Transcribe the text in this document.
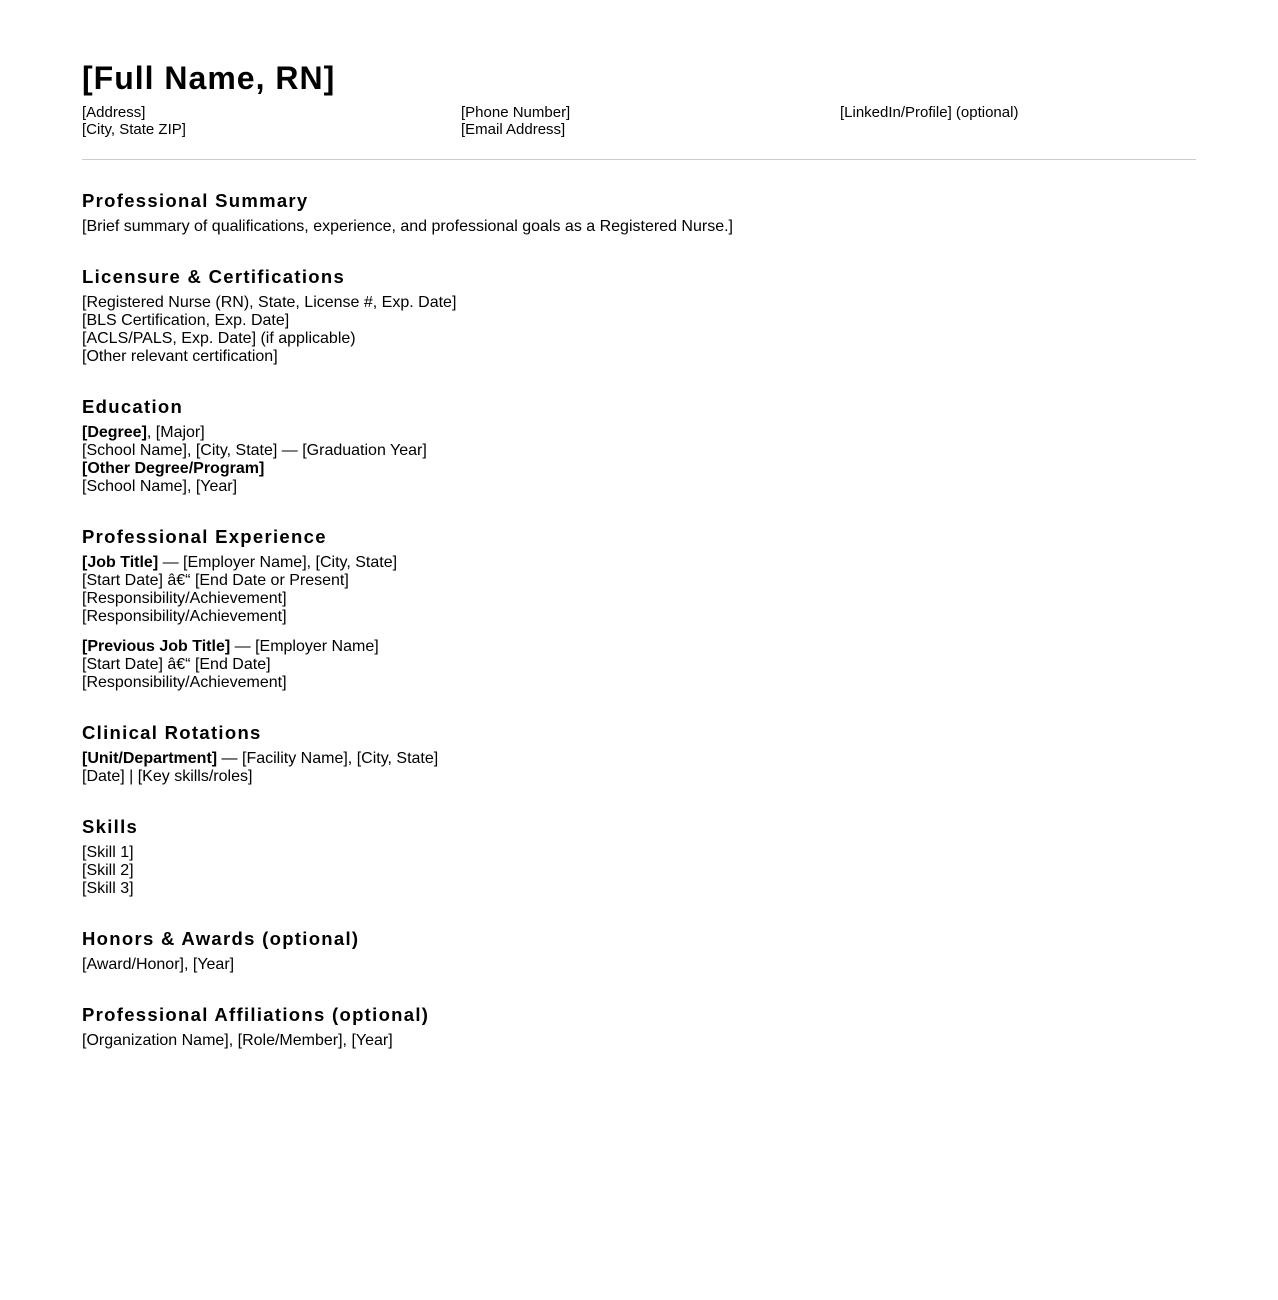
[Full Name, RN]
[Address]
[City, State ZIP]
[Phone Number]
[Email Address]
[LinkedIn/Profile] (optional)
Professional Summary
[Brief summary of qualifications, experience, and professional goals as a Registered Nurse.]
Licensure & Certifications
[Registered Nurse (RN), State, License #, Exp. Date]
[BLS Certification, Exp. Date]
[ACLS/PALS, Exp. Date] (if applicable)
[Other relevant certification]
Education
[Degree], [Major]
[School Name], [City, State] — [Graduation Year]
[Other Degree/Program]
[School Name], [Year]
Professional Experience
[Job Title] — [Employer Name], [City, State]
[Start Date] â€“ [End Date or Present]
[Responsibility/Achievement]
[Responsibility/Achievement]
[Previous Job Title] — [Employer Name]
[Start Date] â€“ [End Date]
[Responsibility/Achievement]
Clinical Rotations
[Unit/Department] — [Facility Name], [City, State]
[Date] | [Key skills/roles]
Skills
[Skill 1]
[Skill 2]
[Skill 3]
Honors & Awards (optional)
[Award/Honor], [Year]
Professional Affiliations (optional)
[Organization Name], [Role/Member], [Year]
